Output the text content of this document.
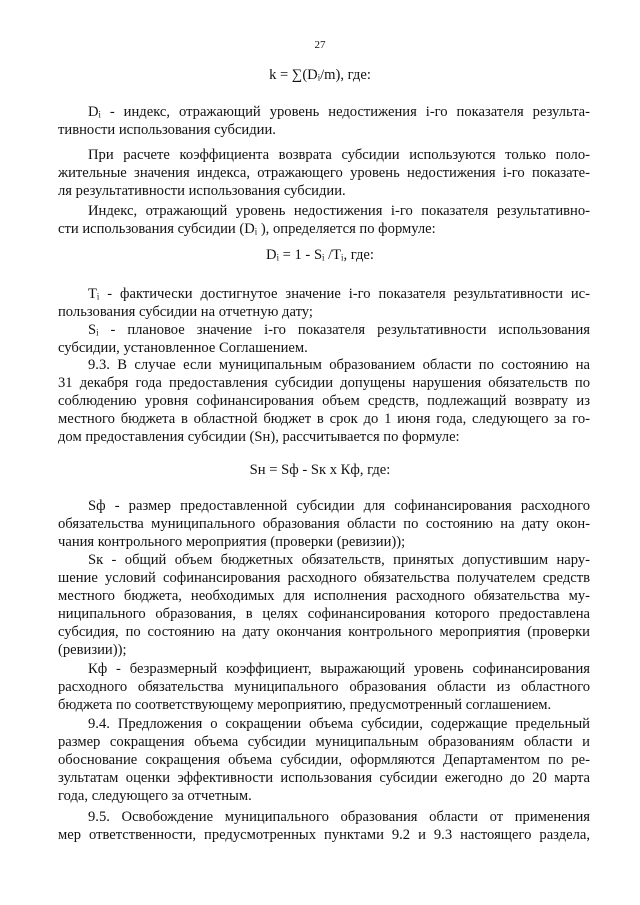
27
k = ∑(Dᵢ/m), где:
Dᵢ - индекс, отражающий уровень недостижения i-го показателя результа-
тивности использования субсидии.
При расчете коэффициента возврата субсидии используются только поло-
жительные значения индекса, отражающего уровень недостижения i-го показате-
ля результативности использования субсидии.
Индекс, отражающий уровень недостижения i-го показателя результативно-
сти использования субсидии (Dᵢ ), определяется по формуле:
Dᵢ = 1 - Sᵢ /Tᵢ, где:
Tᵢ - фактически достигнутое значение i-го показателя результативности ис-
пользования субсидии на отчетную дату;
Sᵢ - плановое значение i-го показателя результативности использования
субсидии, установленное Соглашением.
9.3. В случае если муниципальным образованием области по состоянию на
31 декабря года предоставления субсидии допущены нарушения обязательств по
соблюдению уровня софинансирования объем средств, подлежащий возврату из
местного бюджета в областной бюджет в срок до 1 июня года, следующего за го-
дом предоставления субсидии (Sн), рассчитывается по формуле:
Sн = Sф - Sк х Кф, где:
Sф - размер предоставленной субсидии для софинансирования расходного
обязательства муниципального образования области по состоянию на дату окон-
чания контрольного мероприятия (проверки (ревизии));
Sк - общий объем бюджетных обязательств, принятых допустившим нару-
шение условий софинансирования расходного обязательства получателем средств
местного бюджета, необходимых для исполнения расходного обязательства му-
ниципального образования, в целях софинансирования которого предоставлена
субсидия, по состоянию на дату окончания контрольного мероприятия (проверки
(ревизии));
Кф - безразмерный коэффициент, выражающий уровень софинансирования
расходного обязательства муниципального образования области из областного
бюджета по соответствующему мероприятию, предусмотренный соглашением.
9.4. Предложения о сокращении объема субсидии, содержащие предельный
размер сокращения объема субсидии муниципальным образованиям области и
обоснование сокращения объема субсидии, оформляются Департаментом по ре-
зультатам оценки эффективности использования субсидии ежегодно до 20 марта
года, следующего за отчетным.
9.5. Освобождение муниципального образования области от применения
мер ответственности, предусмотренных пунктами 9.2 и 9.3 настоящего раздела,
